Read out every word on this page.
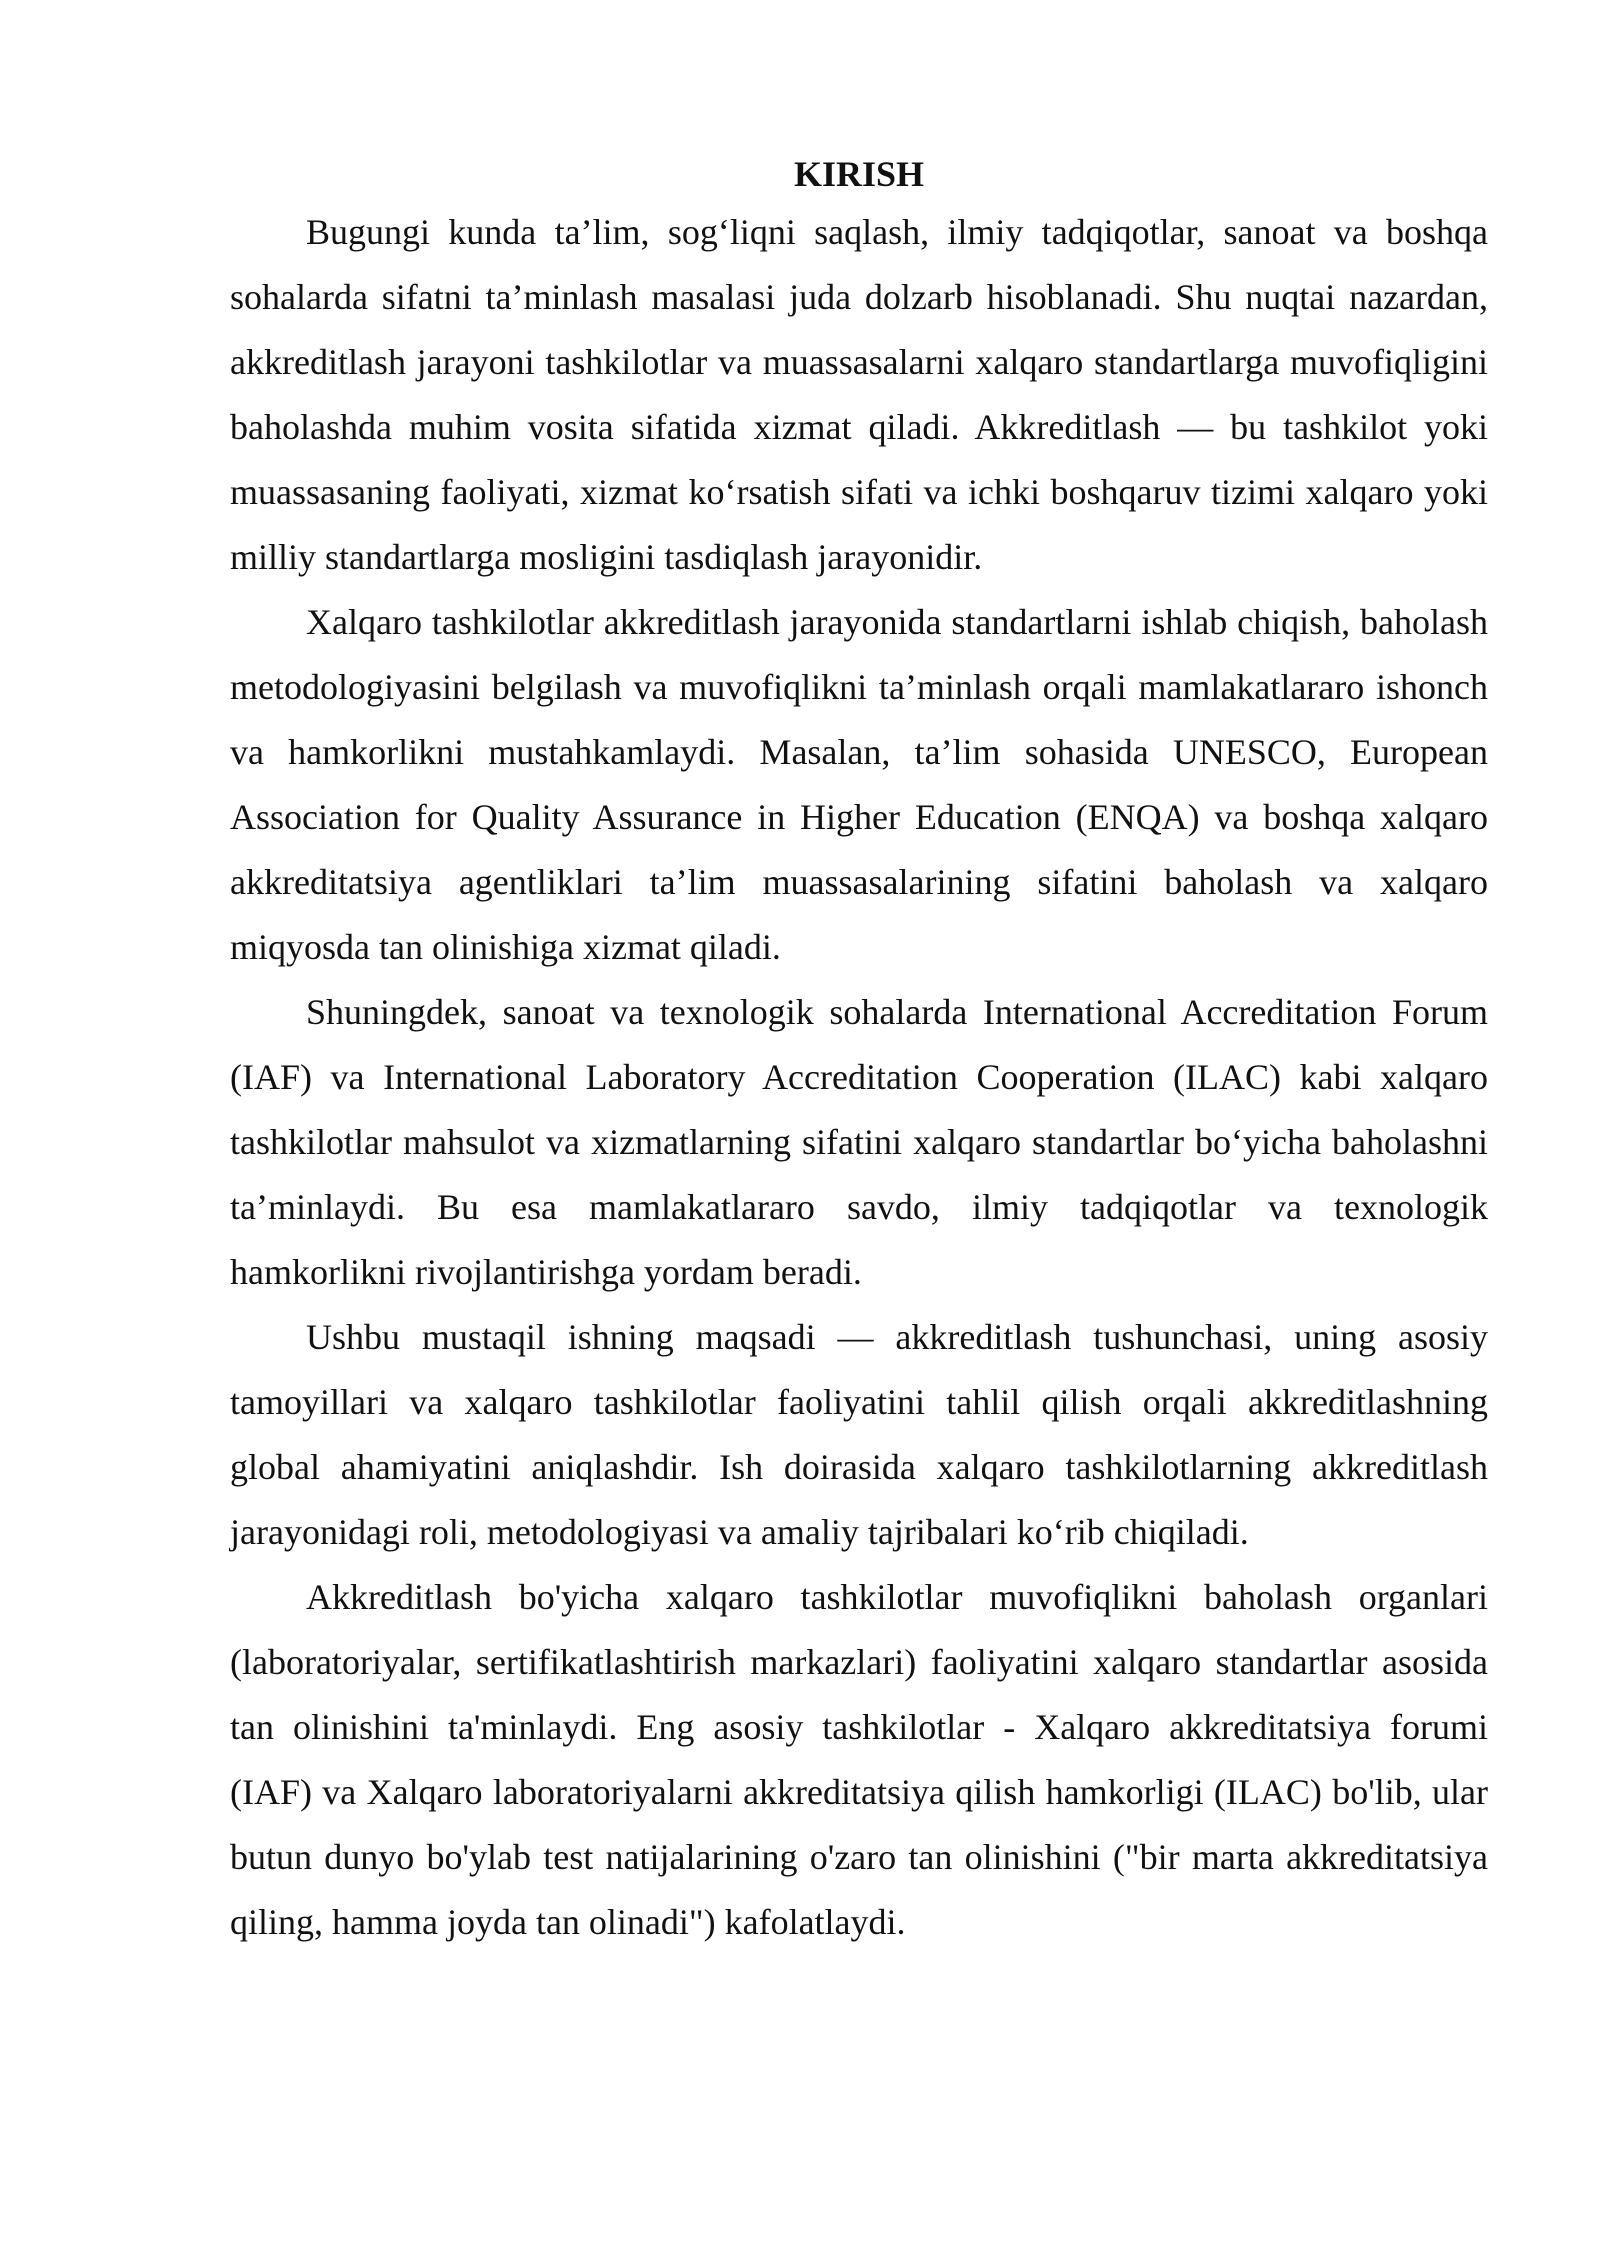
KIRISH

Bugungi kunda ta’lim, sog‘liqni saqlash, ilmiy tadqiqotlar, sanoat va boshqa sohalarda sifatni ta’minlash masalasi juda dolzarb hisoblanadi. Shu nuqtai nazardan, akkreditlash jarayoni tashkilotlar va muassasalarni xalqaro standartlarga muvofiqligini baholashda muhim vosita sifatida xizmat qiladi. Akkreditlash — bu tashkilot yoki muassasaning faoliyati, xizmat ko‘rsatish sifati va ichki boshqaruv tizimi xalqaro yoki milliy standartlarga mosligini tasdiqlash jarayonidir.

Xalqaro tashkilotlar akkreditlash jarayonida standartlarni ishlab chiqish, baholash metodologiyasini belgilash va muvofiqlikni ta’minlash orqali mamlakatlararo ishonch va hamkorlikni mustahkamlaydi. Masalan, ta’lim sohasida UNESCO, European Association for Quality Assurance in Higher Education (ENQA) va boshqa xalqaro akkreditatsiya agentliklari ta’lim muassasalarining sifatini baholash va xalqaro miqyosda tan olinishiga xizmat qiladi.

Shuningdek, sanoat va texnologik sohalarda International Accreditation Forum (IAF) va International Laboratory Accreditation Cooperation (ILAC) kabi xalqaro tashkilotlar mahsulot va xizmatlarning sifatini xalqaro standartlar bo‘yicha baholashni ta’minlaydi. Bu esa mamlakatlararo savdo, ilmiy tadqiqotlar va texnologik hamkorlikni rivojlantirishga yordam beradi.

Ushbu mustaqil ishning maqsadi — akkreditlash tushunchasi, uning asosiy tamoyillari va xalqaro tashkilotlar faoliyatini tahlil qilish orqali akkreditlashning global ahamiyatini aniqlashdir. Ish doirasida xalqaro tashkilotlarning akkreditlash jarayonidagi roli, metodologiyasi va amaliy tajribalari ko‘rib chiqiladi.

Akkreditlash bo'yicha xalqaro tashkilotlar muvofiqlikni baholash organlari (laboratoriyalar, sertifikatlashtirish markazlari) faoliyatini xalqaro standartlar asosida tan olinishini ta'minlaydi. Eng asosiy tashkilotlar - Xalqaro akkreditatsiya forumi (IAF) va Xalqaro laboratoriyalarni akkreditatsiya qilish hamkorligi (ILAC) bo'lib, ular butun dunyo bo'ylab test natijalarining o'zaro tan olinishini ("bir marta akkreditatsiya qiling, hamma joyda tan olinadi") kafolatlaydi.
